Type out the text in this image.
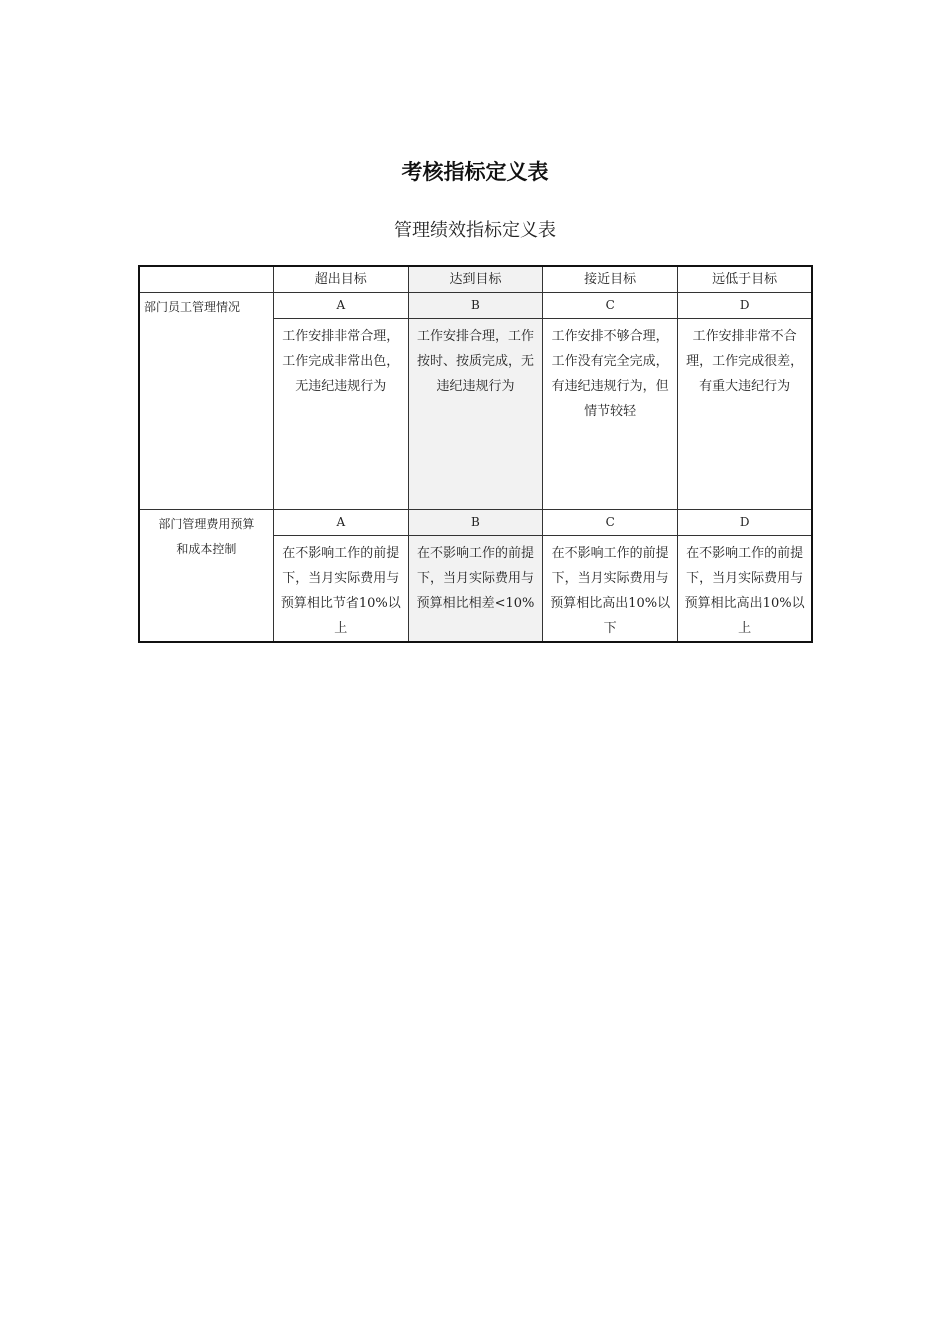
考核指标定义表
管理绩效指标定义表
	超出目标	达到目标	接近目标	远低于目标

部门员工管理情况	A	B	C	D
	工作安排非常合理，工作完成非常出色，无违纪违规行为	工作安排合理，工作按时、按质完成，无违纪违规行为	工作安排不够合理，工作没有完全完成，有违纪违规行为，但情节较轻	工作安排非常不合理，工作完成很差，有重大违纪行为

部门管理费用预算
和成本控制	A	B	C	D
	在不影响工作的前提下，当月实际费用与预算相比节省10%以上	在不影响工作的前提下，当月实际费用与预算相比相差<10%	在不影响工作的前提下，当月实际费用与预算相比高出10%以下	在不影响工作的前提下，当月实际费用与预算相比高出10%以上
